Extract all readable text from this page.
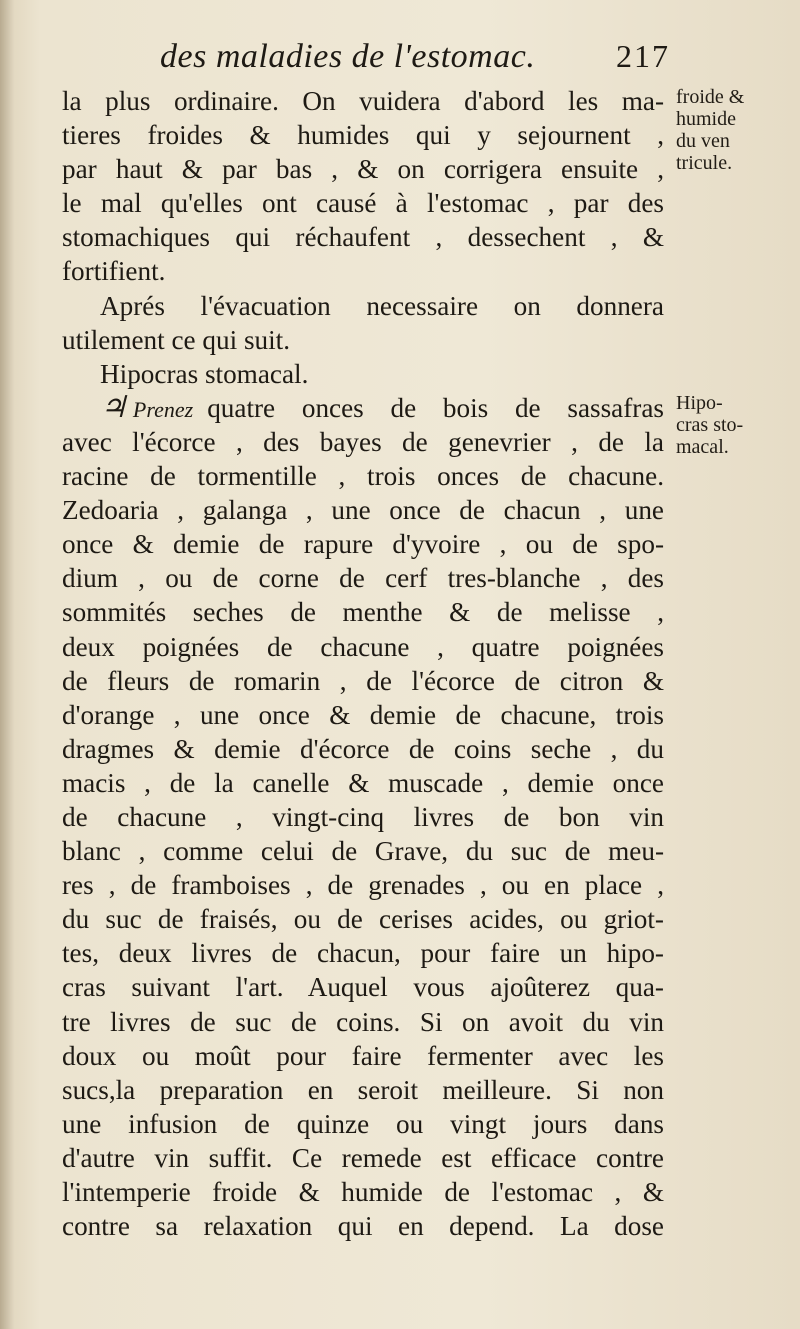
des maladies de l'estomac.	217
la plus ordinaire. On vuidera d'abord les ma-
tieres froides & humides qui y sejournent ,
par haut & par bas , & on corrigera ensuite ,
le mal qu'elles ont causé à l'estomac , par des
stomachiques qui réchaufent , dessechent , &
fortifient.
Aprés l'évacuation necessaire on donnera
utilement ce qui suit.
Hipocras stomacal.
♃ Prenez quatre onces de bois de sassafras
avec l'écorce , des bayes de genevrier , de la
racine de tormentille , trois onces de chacune.
Zedoaria , galanga , une once de chacun , une
once & demie de rapure d'yvoire , ou de spo-
dium , ou de corne de cerf tres-blanche , des
sommités seches de menthe & de melisse ,
deux poignées de chacune , quatre poignées
de fleurs de romarin , de l'écorce de citron &
d'orange , une once & demie de chacune, trois
dragmes & demie d'écorce de coins seche , du
macis , de la canelle & muscade , demie once
de chacune , vingt-cinq livres de bon vin
blanc , comme celui de Grave, du suc de meu-
res , de framboises , de grenades , ou en place ,
du suc de fraisés, ou de cerises acides, ou griot-
tes, deux livres de chacun, pour faire un hipo-
cras suivant l'art. Auquel vous ajoûterez qua-
tre livres de suc de coins. Si on avoit du vin
doux ou moût pour faire fermenter avec les
sucs,la preparation en seroit meilleure. Si non
une infusion de quinze ou vingt jours dans
d'autre vin suffit. Ce remede est efficace contre
l'intemperie froide & humide de l'estomac , &
contre sa relaxation qui en depend. La dose
froide &
humide
du ven
tricule.
Hipo-
cras sto-
macal.
